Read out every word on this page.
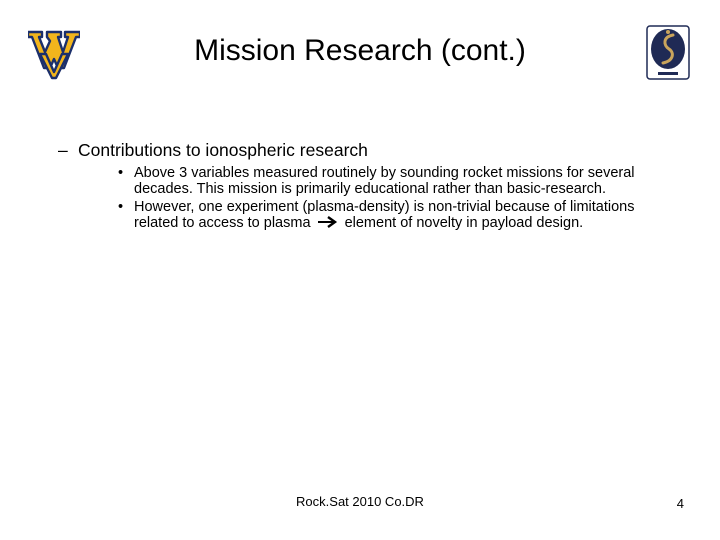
Mission Research (cont.)
– Contributions to ionospheric research
• Above 3 variables measured routinely by sounding rocket missions for several decades. This mission is primarily educational rather than basic-research.
• However, one experiment (plasma-density) is non-trivial because of limitations related to access to plasma element of novelty in payload design.
Rock.Sat 2010 Co.DR	4
